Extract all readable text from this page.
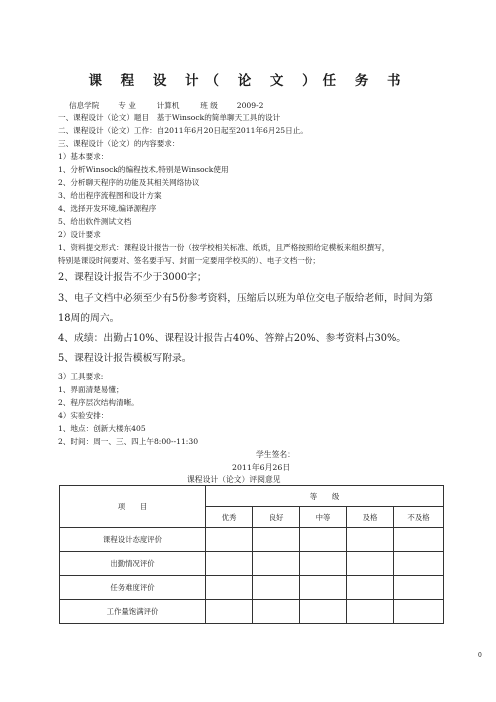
课 程 设 计（ 论 文 ）任 务 书
信息学院 专 业	计算机	班 级 2009-2
一、课程设计（论文）题目　基于Winsock的简单聊天工具的设计
二、课程设计（论文）工作：自2011年6月20日起至2011年6月25日止。
三、课程设计（论文）的内容要求：
1）基本要求：
1、分析Winsock的编程技术,特别是Winsock使用
2、分析聊天程序的功能及其相关网络协议
3、给出程序流程图和设计方案
4、选择开发环境,编译源程序
5、给出软件测试文档
2）设计要求
1、资料提交形式：课程设计报告一份（按学校相关标准、纸质，且严格按照给定模板来组织撰写，
特别是课设时间要对、签名要手写、封面一定要用学校买的）、电子文档一份；
2、课程设计报告不少于3000字；
3、电子文档中必须至少有5份参考资料，压缩后以班为单位交电子版给老师，时间为第
18周的周六。
4、成绩：出勤占10%、课程设计报告占40%、答辩占20%、参考资料占30%。
5、课程设计报告模板写附录。
3）工具要求:
1、界面清楚易懂；
2、程序层次结构清晰。
4）实验安排：
1、地点：创新大楼东405
2、时间：周一、三、四上午8:00--11:30
学生签名：
2011年6月26日
课程设计（论文）评阅意见
项　　目	等　　级				
	优秀	良好	中等	及格	不及格
课程设计态度评价					
出勤情况评价					
任务难度评价					
工作量饱满评价					
0
